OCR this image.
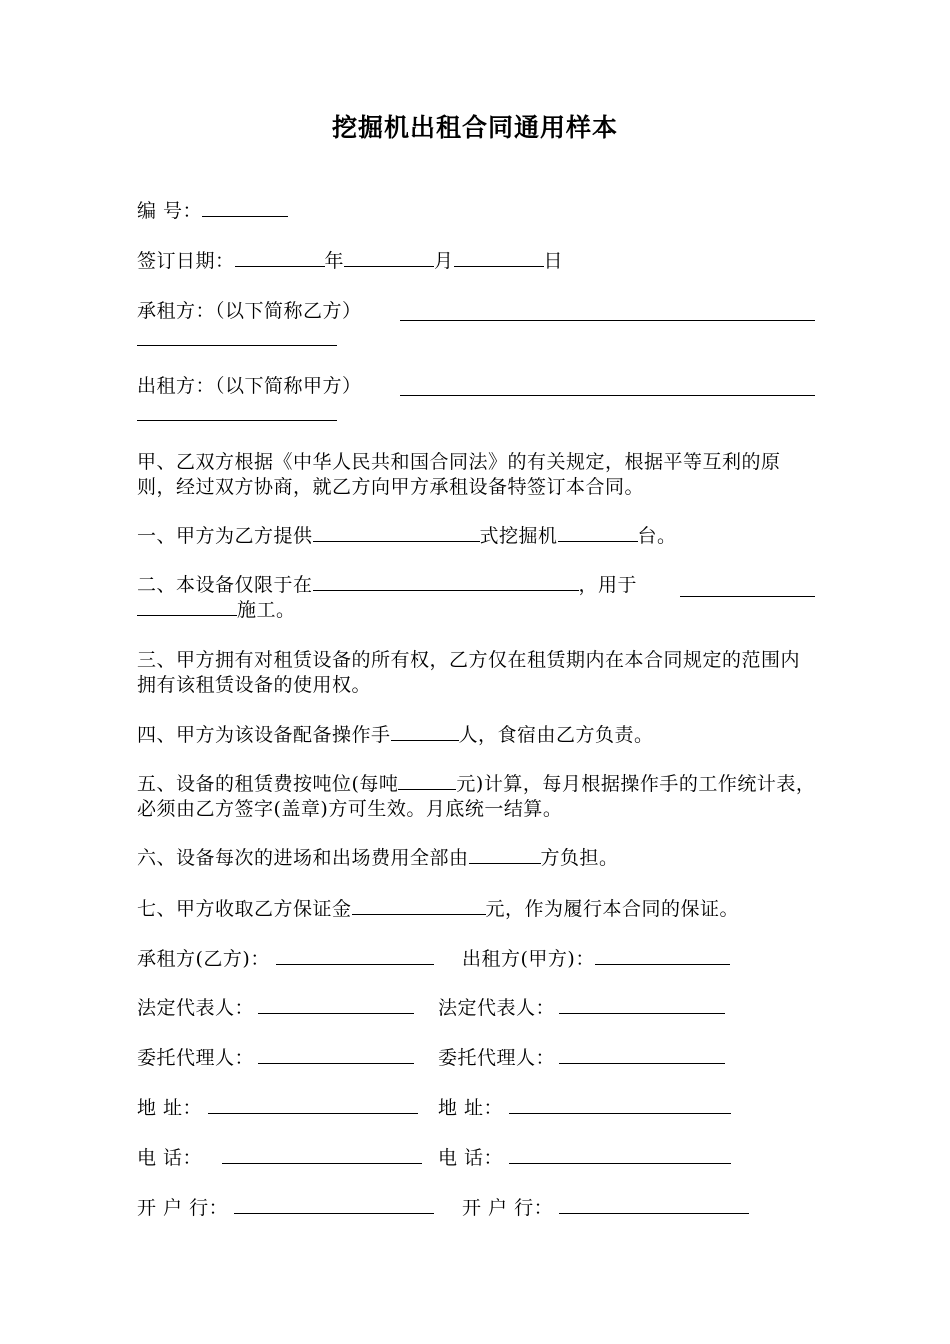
挖掘机出租合同通用样本
编 号：
签订日期：	年	月	日
承租方：（以下简称乙方）
出租方：（以下简称甲方）
甲、乙双方根据《中华人民共和国合同法》的有关规定，根据平等互利的原则，经过双方协商，就乙方向甲方承租设备特签订本合同。
一、甲方为乙方提供	式挖掘机	台。
二、本设备仅限于在	，用于
施工。
三、甲方拥有对租赁设备的所有权，乙方仅在租赁期内在本合同规定的范围内拥有该租赁设备的使用权。
四、甲方为该设备配备操作手	人，食宿由乙方负责。
五、设备的租赁费按吨位(每吨	元)计算，每月根据操作手的工作统计表，必须由乙方签字(盖章)方可生效。月底统一结算。
六、设备每次的进场和出场费用全部由	方负担。
七、甲方收取乙方保证金	元，作为履行本合同的保证。
承租方(乙方)：	出租方(甲方)：
法定代表人：	法定代表人：
委托代理人：	委托代理人：
地 址：	地 址：
电 话：	电 话：
开 户 行：	开 户 行：
